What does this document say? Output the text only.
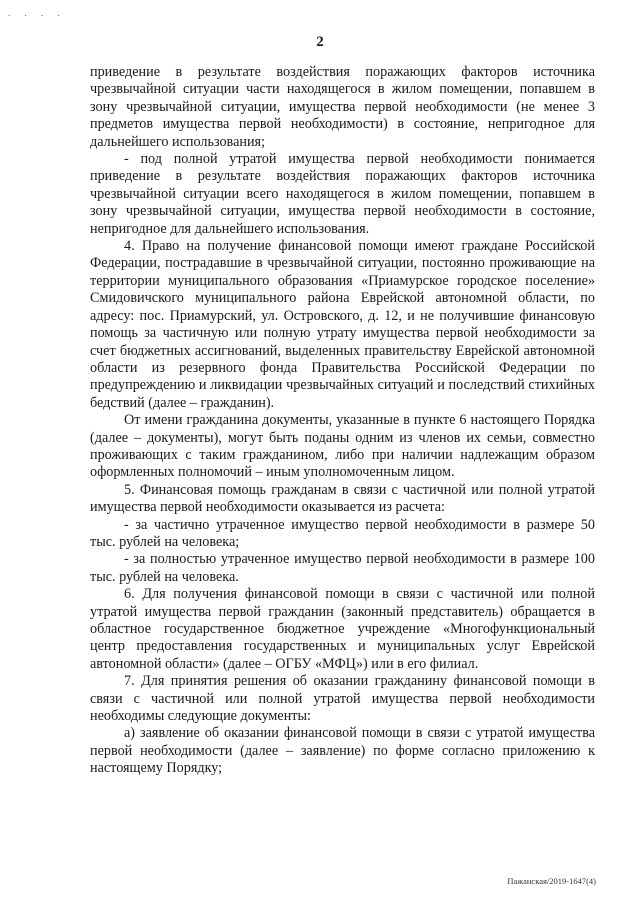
. . . .
2

приведение в результате воздействия поражающих факторов источника чрезвычайной ситуации части находящегося в жилом помещении, попавшем в зону чрезвычайной ситуации, имущества первой необходимости (не менее 3 предметов имущества первой необходимости) в состояние, непригодное для дальнейшего использования;

- под полной утратой имущества первой необходимости понимается приведение в результате воздействия поражающих факторов источника чрезвычайной ситуации всего находящегося в жилом помещении, попавшем в зону чрезвычайной ситуации, имущества первой необходимости в состояние, непригодное для дальнейшего использования.

4. Право на получение финансовой помощи имеют граждане Российской Федерации, пострадавшие в чрезвычайной ситуации, постоянно проживающие на территории муниципального образования «Приамурское городское поселение» Смидовичского муниципального района Еврейской автономной области, по адресу: пос. Приамурский, ул. Островского, д. 12, и не получившие финансовую помощь за частичную или полную утрату имущества первой необходимости за счет бюджетных ассигнований, выделенных правительству Еврейской автономной области из резервного фонда Правительства Российской Федерации по предупреждению и ликвидации чрезвычайных ситуаций и последствий стихийных бедствий (далее – гражданин).

От имени гражданина документы, указанные в пункте 6 настоящего Порядка (далее – документы), могут быть поданы одним из членов их семьи, совместно проживающих с таким гражданином, либо при наличии надлежащим образом оформленных полномочий – иным уполномоченным лицом.

5. Финансовая помощь гражданам в связи с частичной или полной утратой имущества первой необходимости оказывается из расчета:

- за частично утраченное имущество первой необходимости в размере 50 тыс. рублей на человека;

- за полностью утраченное имущество первой необходимости в размере 100 тыс. рублей на человека.

6. Для получения финансовой помощи в связи с частичной или полной утратой имущества первой гражданин (законный представитель) обращается в областное государственное бюджетное учреждение «Многофункциональный центр предоставления государственных и муниципальных услуг Еврейской автономной области» (далее – ОГБУ «МФЦ») или в его филиал.

7. Для принятия решения об оказании гражданину финансовой помощи в связи с частичной или полной утратой имущества первой необходимости необходимы следующие документы:

а) заявление об оказании финансовой помощи в связи с утратой имущества первой необходимости (далее – заявление) по форме согласно приложению к настоящему Порядку;

Пажанская/2019-1647(4)
